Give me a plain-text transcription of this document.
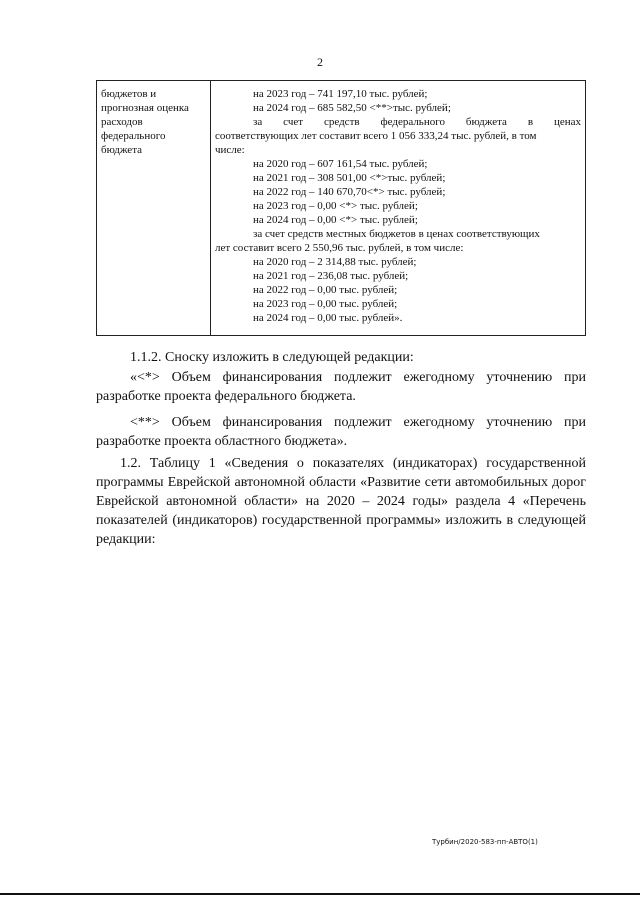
2
бюджетов и
прогнозная оценка
расходов
федерального
бюджета
на 2023 год – 741 197,10 тыс. рублей;
на 2024 год – 685 582,50 <**>тыс. рублей;
за счет средств федерального бюджета в ценах
соответствующих лет составит всего 1 056 333,24 тыс. рублей, в том
числе:
на 2020 год – 607 161,54 тыс. рублей;
на 2021 год – 308 501,00 <*>тыс. рублей;
на 2022 год – 140 670,70<*> тыс. рублей;
на 2023 год – 0,00 <*> тыс. рублей;
на 2024 год – 0,00 <*> тыс. рублей;
за счет средств местных бюджетов в ценах соответствующих
лет составит всего 2 550,96 тыс. рублей, в том числе:
на 2020 год – 2 314,88 тыс. рублей;
на 2021 год – 236,08 тыс. рублей;
на 2022 год – 0,00 тыс. рублей;
на 2023 год – 0,00 тыс. рублей;
на 2024 год – 0,00 тыс. рублей».

1.1.2. Сноску изложить в следующей редакции:

«<*> Объем финансирования подлежит ежегодному уточнению при разработке проекта федерального бюджета.

<**> Объем финансирования подлежит ежегодному уточнению при разработке проекта областного бюджета».

1.2. Таблицу 1 «Сведения о показателях (индикаторах) государственной программы Еврейской автономной области «Развитие сети автомобильных дорог Еврейской автономной области» на 2020 – 2024 годы» раздела 4 «Перечень показателей (индикаторов) государственной программы» изложить в следующей редакции:

Турбин/2020-583-пп-АВТО(1)
